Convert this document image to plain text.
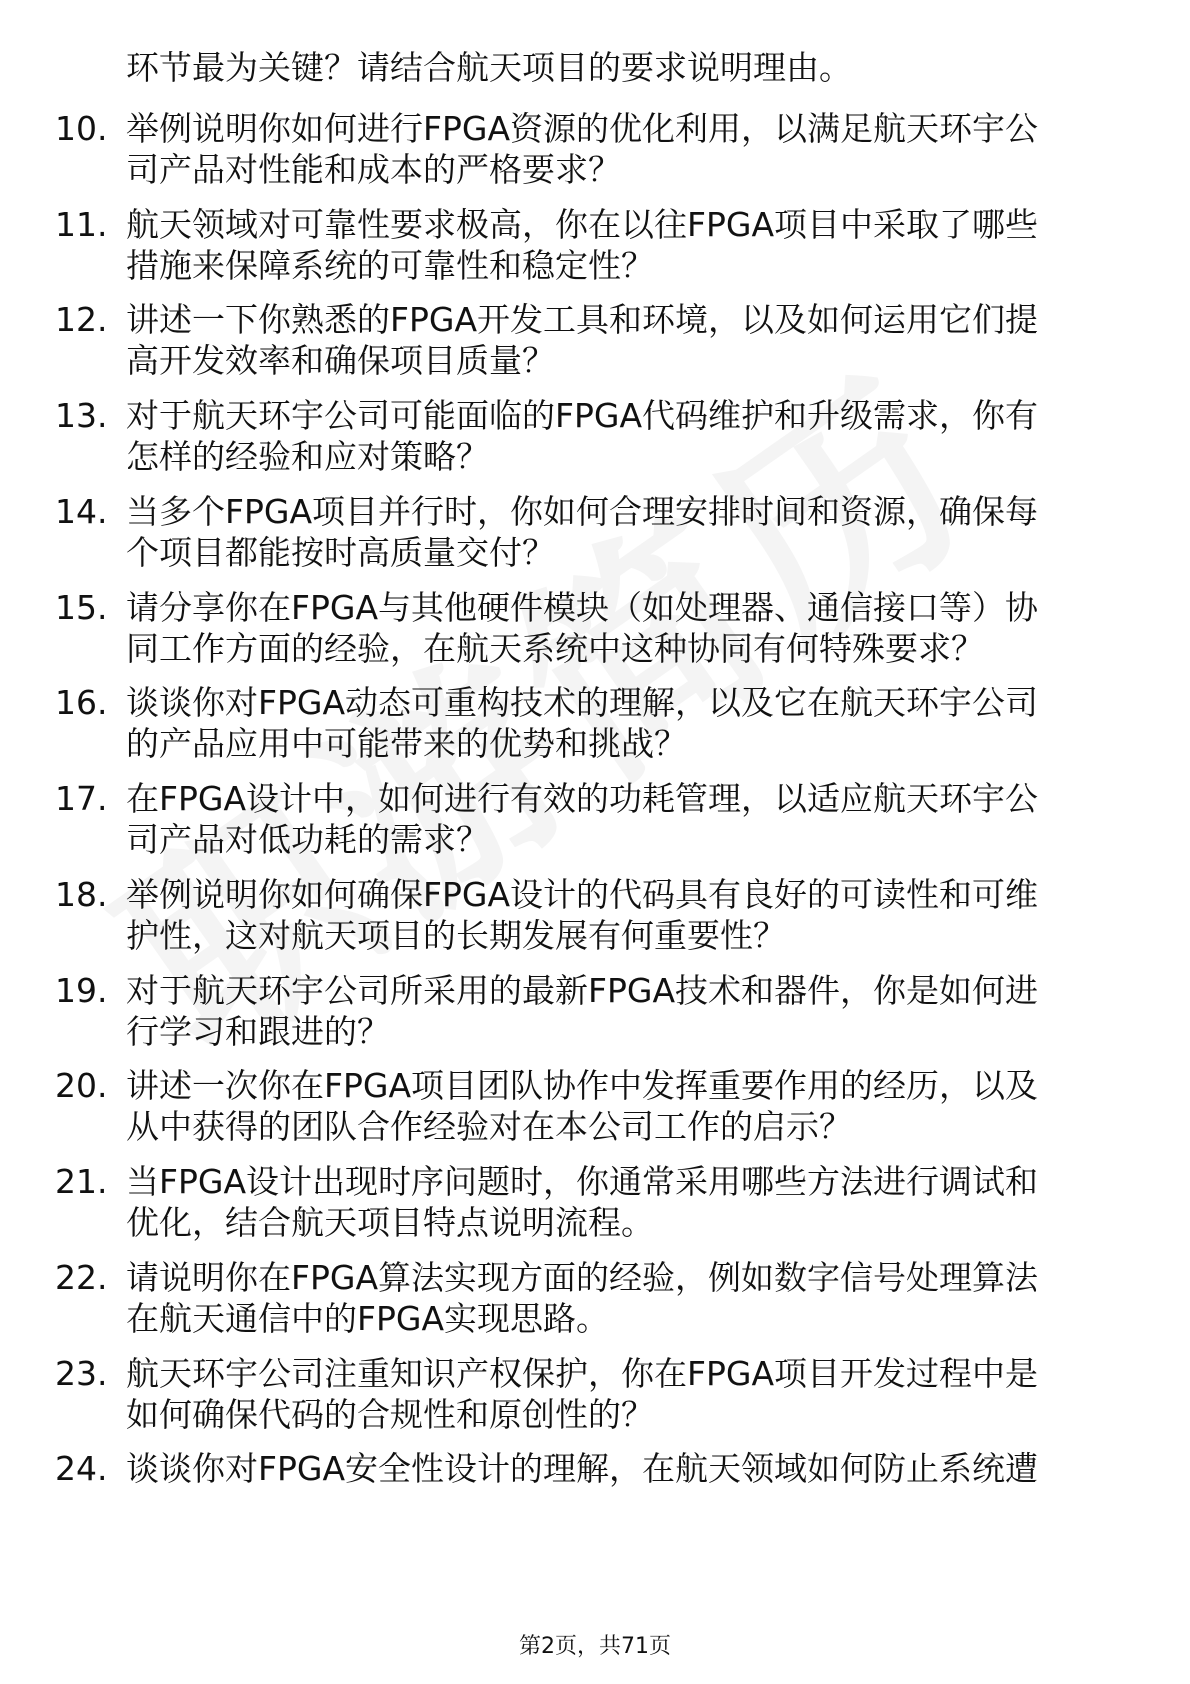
环节最为关键？请结合航天项目的要求说明理由。
10. 举例说明你如何进行FPGA资源的优化利用，以满足航天环宇公
司产品对性能和成本的严格要求？
11. 航天领域对可靠性要求极高，你在以往FPGA项目中采取了哪些
措施来保障系统的可靠性和稳定性？
12. 讲述一下你熟悉的FPGA开发工具和环境，以及如何运用它们提
高开发效率和确保项目质量？
13. 对于航天环宇公司可能面临的FPGA代码维护和升级需求，你有
怎样的经验和应对策略？
14. 当多个FPGA项目并行时，你如何合理安排时间和资源，确保每
个项目都能按时高质量交付？
15. 请分享你在FPGA与其他硬件模块（如处理器、通信接口等）协
同工作方面的经验，在航天系统中这种协同有何特殊要求？
16. 谈谈你对FPGA动态可重构技术的理解，以及它在航天环宇公司
的产品应用中可能带来的优势和挑战？
17. 在FPGA设计中，如何进行有效的功耗管理，以适应航天环宇公
司产品对低功耗的需求？
18. 举例说明你如何确保FPGA设计的代码具有良好的可读性和可维
护性，这对航天项目的长期发展有何重要性？
19. 对于航天环宇公司所采用的最新FPGA技术和器件，你是如何进
行学习和跟进的？
20. 讲述一次你在FPGA项目团队协作中发挥重要作用的经历，以及
从中获得的团队合作经验对在本公司工作的启示？
21. 当FPGA设计出现时序问题时，你通常采用哪些方法进行调试和
优化，结合航天项目特点说明流程。
22. 请说明你在FPGA算法实现方面的经验，例如数字信号处理算法
在航天通信中的FPGA实现思路。
23. 航天环宇公司注重知识产权保护，你在FPGA项目开发过程中是
如何确保代码的合规性和原创性的？
24. 谈谈你对FPGA安全性设计的理解，在航天领域如何防止系统遭
第2页，共71页
